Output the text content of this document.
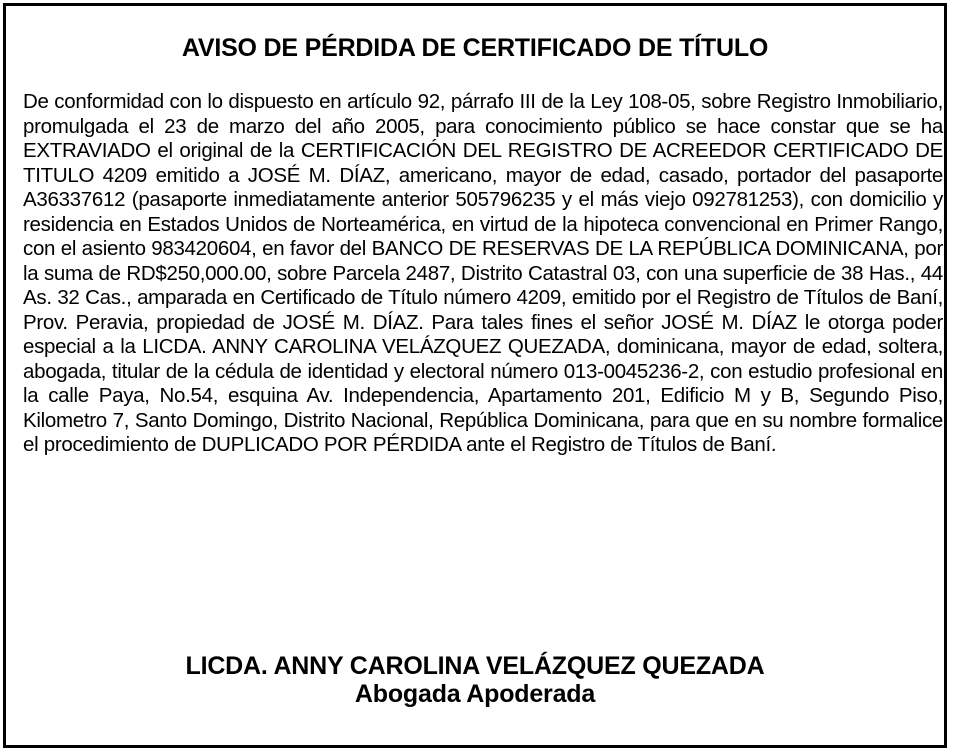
AVISO DE PÉRDIDA DE CERTIFICADO DE TÍTULO

De conformidad con lo dispuesto en artículo 92, párrafo III de la Ley 108-05, sobre Registro Inmobiliario, promulgada el 23 de marzo del año 2005, para conocimiento público se hace constar que se ha EXTRAVIADO el original de la CERTIFICACIÓN DEL REGISTRO DE ACREEDOR CERTIFICADO DE TITULO 4209 emitido a JOSÉ M. DÍAZ, americano, mayor de edad, casado, portador del pasaporte A36337612 (pasaporte inmediatamente anterior 505796235 y el más viejo 092781253), con domicilio y residencia en Estados Unidos de Norteamérica, en virtud de la hipoteca convencional en Primer Rango, con el asiento 983420604, en favor del BANCO DE RESERVAS DE LA REPÚBLICA DOMINICANA, por la suma de RD$250,000.00, sobre Parcela 2487, Distrito Catastral 03, con una superficie de 38 Has., 44 As. 32 Cas., amparada en Certificado de Título número 4209, emitido por el Registro de Títulos de Baní, Prov. Peravia, propiedad de JOSÉ M. DÍAZ. Para tales fines el señor JOSÉ M. DÍAZ le otorga poder especial a la LICDA. ANNY CAROLINA VELÁZQUEZ QUEZADA, dominicana, mayor de edad, soltera, abogada, titular de la cédula de identidad y electoral número 013-0045236-2, con estudio profesional en la calle Paya, No.54, esquina Av. Independencia, Apartamento 201, Edificio M y B, Segundo Piso, Kilometro 7, Santo Domingo, Distrito Nacional, República Dominicana, para que en su nombre formalice el procedimiento de DUPLICADO POR PÉRDIDA ante el Registro de Títulos de Baní.

LICDA. ANNY CAROLINA VELÁZQUEZ QUEZADA
Abogada Apoderada
